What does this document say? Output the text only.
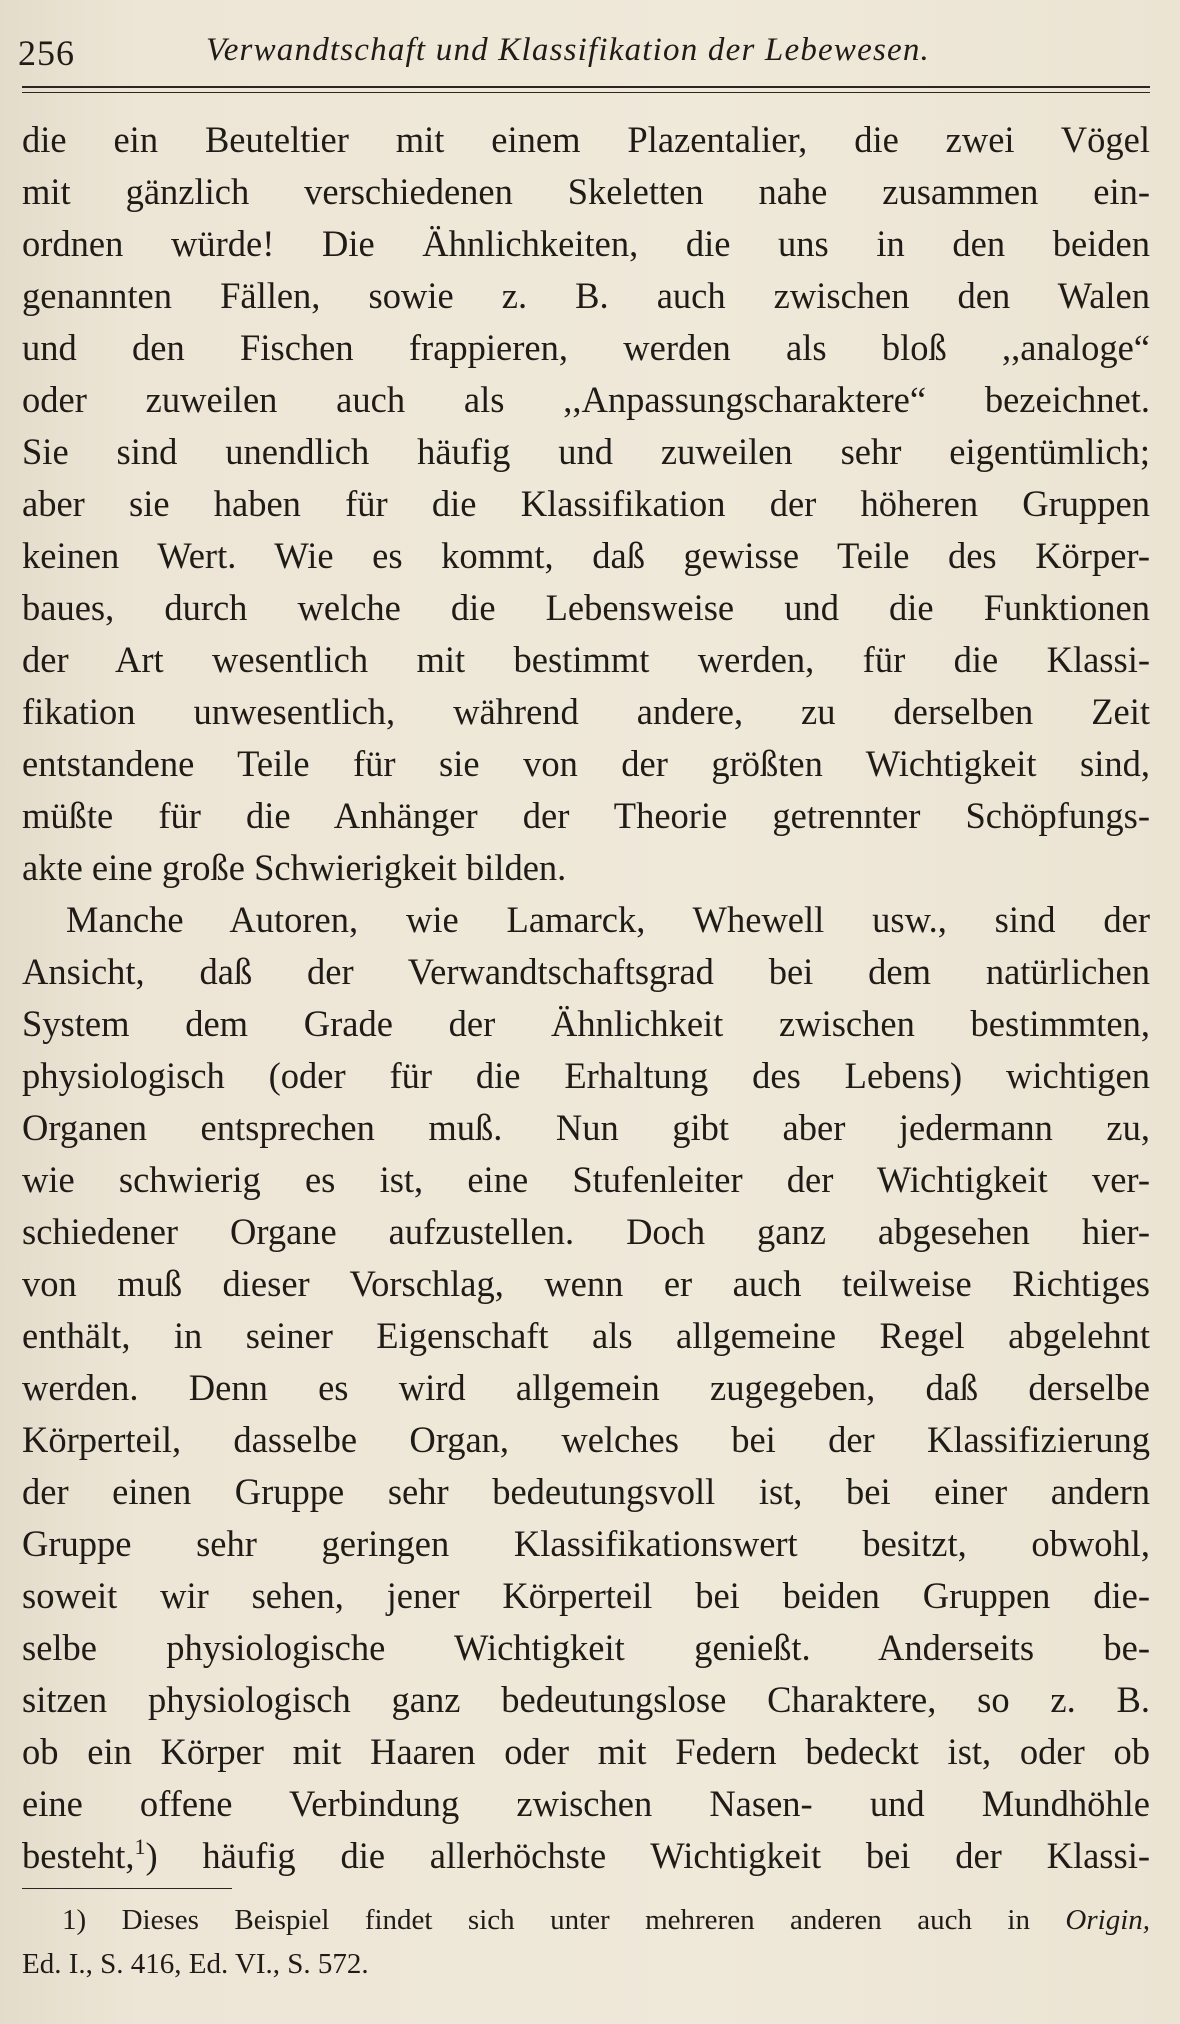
256	Verwandtschaft und Klassifikation der Lebewesen.
die ein Beuteltier mit einem Plazentalier, die zwei Vögel
mit gänzlich verschiedenen Skeletten nahe zusammen ein-
ordnen würde! Die Ähnlichkeiten, die uns in den beiden
genannten Fällen, sowie z. B. auch zwischen den Walen
und den Fischen frappieren, werden als bloß ,,analoge“
oder zuweilen auch als ,,Anpassungscharaktere“ bezeichnet.
Sie sind unendlich häufig und zuweilen sehr eigentümlich;
aber sie haben für die Klassifikation der höheren Gruppen
keinen Wert. Wie es kommt, daß gewisse Teile des Körper-
baues, durch welche die Lebensweise und die Funktionen
der Art wesentlich mit bestimmt werden, für die Klassi-
fikation unwesentlich, während andere, zu derselben Zeit
entstandene Teile für sie von der größten Wichtigkeit sind,
müßte für die Anhänger der Theorie getrennter Schöpfungs-
akte eine große Schwierigkeit bilden.
Manche Autoren, wie Lamarck, Whewell usw., sind der
Ansicht, daß der Verwandtschaftsgrad bei dem natürlichen
System dem Grade der Ähnlichkeit zwischen bestimmten,
physiologisch (oder für die Erhaltung des Lebens) wichtigen
Organen entsprechen muß. Nun gibt aber jedermann zu,
wie schwierig es ist, eine Stufenleiter der Wichtigkeit ver-
schiedener Organe aufzustellen. Doch ganz abgesehen hier-
von muß dieser Vorschlag, wenn er auch teilweise Richtiges
enthält, in seiner Eigenschaft als allgemeine Regel abgelehnt
werden. Denn es wird allgemein zugegeben, daß derselbe
Körperteil, dasselbe Organ, welches bei der Klassifizierung
der einen Gruppe sehr bedeutungsvoll ist, bei einer andern
Gruppe sehr geringen Klassifikationswert besitzt, obwohl,
soweit wir sehen, jener Körperteil bei beiden Gruppen die-
selbe physiologische Wichtigkeit genießt. Anderseits be-
sitzen physiologisch ganz bedeutungslose Charaktere, so z. B.
ob ein Körper mit Haaren oder mit Federn bedeckt ist, oder ob
eine offene Verbindung zwischen Nasen- und Mundhöhle
besteht,$^1$) häufig die allerhöchste Wichtigkeit bei der Klassi-
1) Dieses Beispiel findet sich unter mehreren anderen auch in Origin,
Ed. I., S. 416, Ed. VI., S. 572.
